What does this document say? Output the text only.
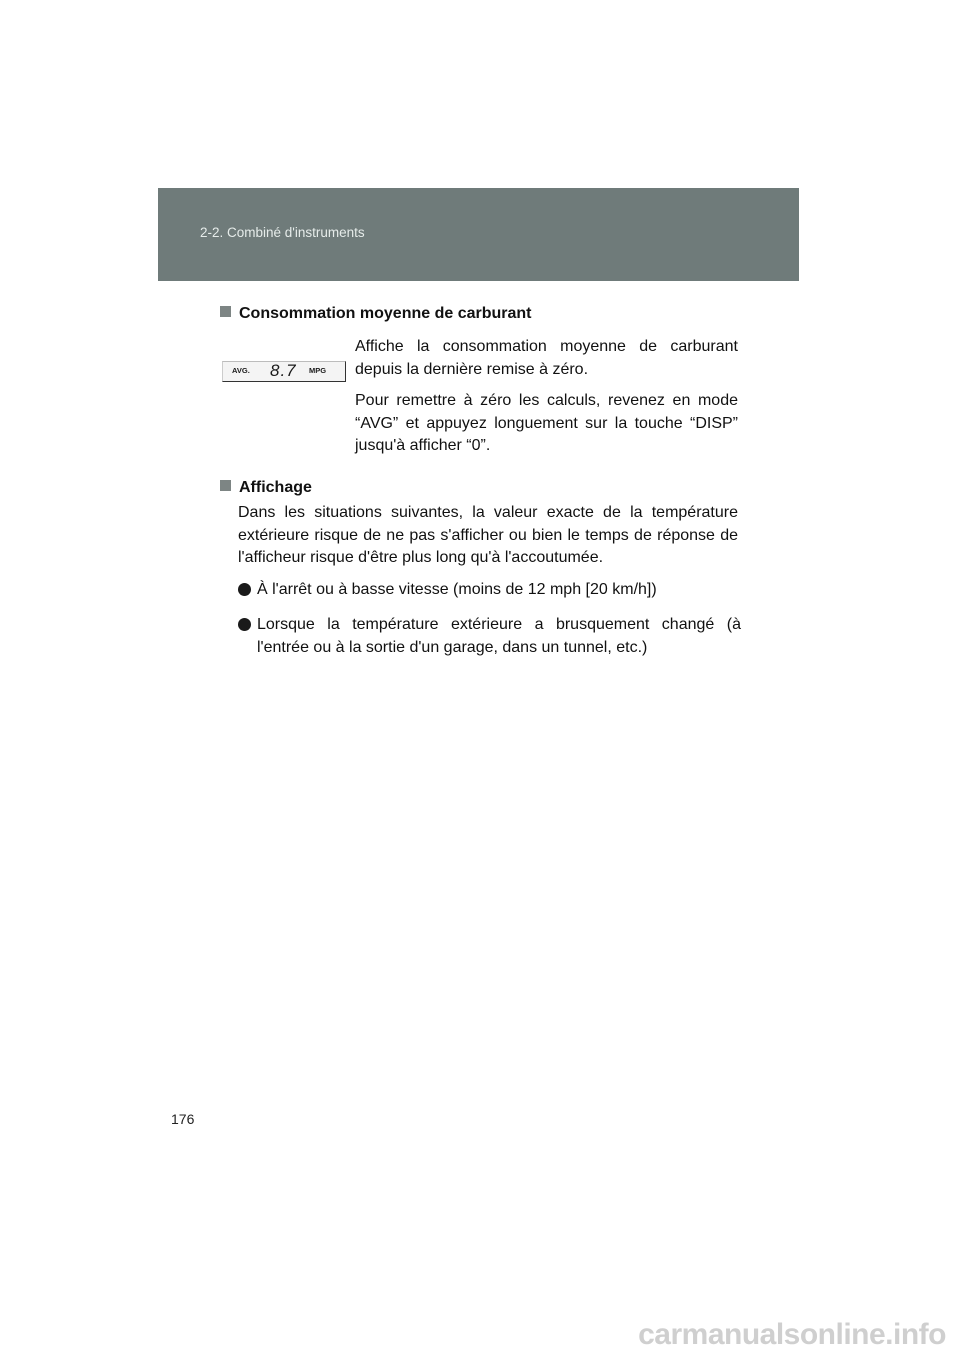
2-2. Combiné d'instruments
Consommation moyenne de carburant
AVG. 8.7 MPG
Affiche la consommation moyenne de carburant depuis la dernière remise à zéro.
Pour remettre à zéro les calculs, revenez en mode “AVG” et appuyez longuement sur la touche “DISP” jusqu'à afficher “0”.
Affichage
Dans les situations suivantes, la valeur exacte de la température extérieure risque de ne pas s'afficher ou bien le temps de réponse de l'afficheur risque d'être plus long qu'à l'accoutumée.
À l'arrêt ou à basse vitesse (moins de 12 mph [20 km/h])
Lorsque la température extérieure a brusquement changé (à l'entrée ou à la sortie d'un garage, dans un tunnel, etc.)
176
carmanualsonline.info
